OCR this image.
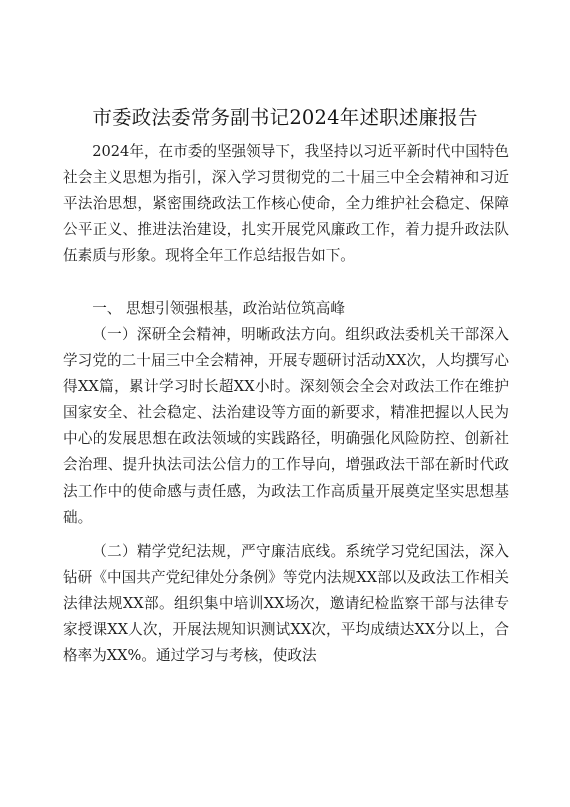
市委政法委常务副书记2024年述职述廉报告
2024年，在市委的坚强领导下，我坚持以习近平新时代中国特色社会主义思想为指引，深入学习贯彻党的二十届三中全会精神和习近平法治思想，紧密围绕政法工作核心使命，全力维护社会稳定、保障公平正义、推进法治建设，扎实开展党风廉政工作，着力提升政法队伍素质与形象。现将全年工作总结报告如下。
一、 思想引领强根基，政治站位筑高峰
（一）深研全会精神，明晰政法方向。组织政法委机关干部深入学习党的二十届三中全会精神，开展专题研讨活动XX次，人均撰写心得XX篇，累计学习时长超XX小时。深刻领会全会对政法工作在维护国家安全、社会稳定、法治建设等方面的新要求，精准把握以人民为中心的发展思想在政法领域的实践路径，明确强化风险防控、创新社会治理、提升执法司法公信力的工作导向，增强政法干部在新时代政法工作中的使命感与责任感，为政法工作高质量开展奠定坚实思想基础。
（二）精学党纪法规，严守廉洁底线。系统学习党纪国法，深入钻研《中国共产党纪律处分条例》等党内法规XX部以及政法工作相关法律法规XX部。组织集中培训XX场次，邀请纪检监察干部与法律专家授课XX人次，开展法规知识测试XX次，平均成绩达XX分以上，合格率为XX%。通过学习与考核，使政法
